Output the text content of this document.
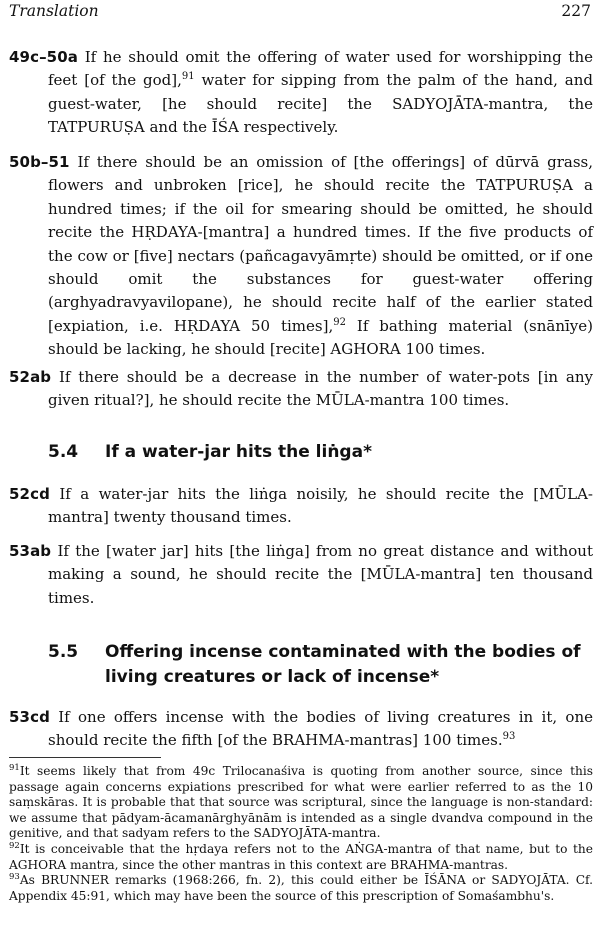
Translation	227

49c–50a If he should omit the offering of water used for worshipping the feet [of the god],$^{91}$ water for sipping from the palm of the hand, and guest-water, [he should recite] the SADYOJĀTA-mantra, the TATPURUṢA and the ĪŚA respectively.

50b–51 If there should be an omission of [the offerings] of dūrvā grass, flowers and unbroken [rice], he should recite the TATPURUṢA a hundred times; if the oil for smearing should be omitted, he should recite the HṚDAYA-[mantra] a hundred times. If the five products of the cow or [five] nectars (pañcagavyāmṛte) should be omitted, or if one should omit the substances for guest-water offering (arghyadravyavilopane), he should recite half of the earlier stated [expiation, i.e. HṚDAYA 50 times],$^{92}$ If bathing material (snānīye) should be lacking, he should [recite] AGHORA 100 times.

52ab If there should be a decrease in the number of water-pots [in any given ritual?], he should recite the MŪLA-mantra 100 times.

5.4	If a water-jar hits the liṅga*

52cd If a water-jar hits the liṅga noisily, he should recite the [MŪLA-mantra] twenty thousand times.

53ab If the [water jar] hits [the liṅga] from no great distance and without making a sound, he should recite the [MŪLA-mantra] ten thousand times.

5.5	Offering incense contaminated with the bodies of living creatures or lack of incense*

53cd If one offers incense with the bodies of living creatures in it, one should recite the fifth [of the BRAHMA-mantras] 100 times.$^{93}$

$^{91}$It seems likely that from 49c Trilocanaśiva is quoting from another source, since this passage again concerns expiations prescribed for what were earlier referred to as the 10 saṃskāras. It is probable that that source was scriptural, since the language is non-standard: we assume that pādyam-ācamanārghyānām is intended as a single dvandva compound in the genitive, and that sadyam refers to the SADYOJĀTA-mantra.

$^{92}$It is conceivable that the hṛdaya refers not to the AṄGA-mantra of that name, but to the AGHORA mantra, since the other mantras in this context are BRAHMA-mantras.

$^{93}$As BRUNNER remarks (1968:266, fn. 2), this could either be ĪŚĀNA or SADYOJĀTA. Cf. Appendix 45:91, which may have been the source of this prescription of Somaśambhu's.
